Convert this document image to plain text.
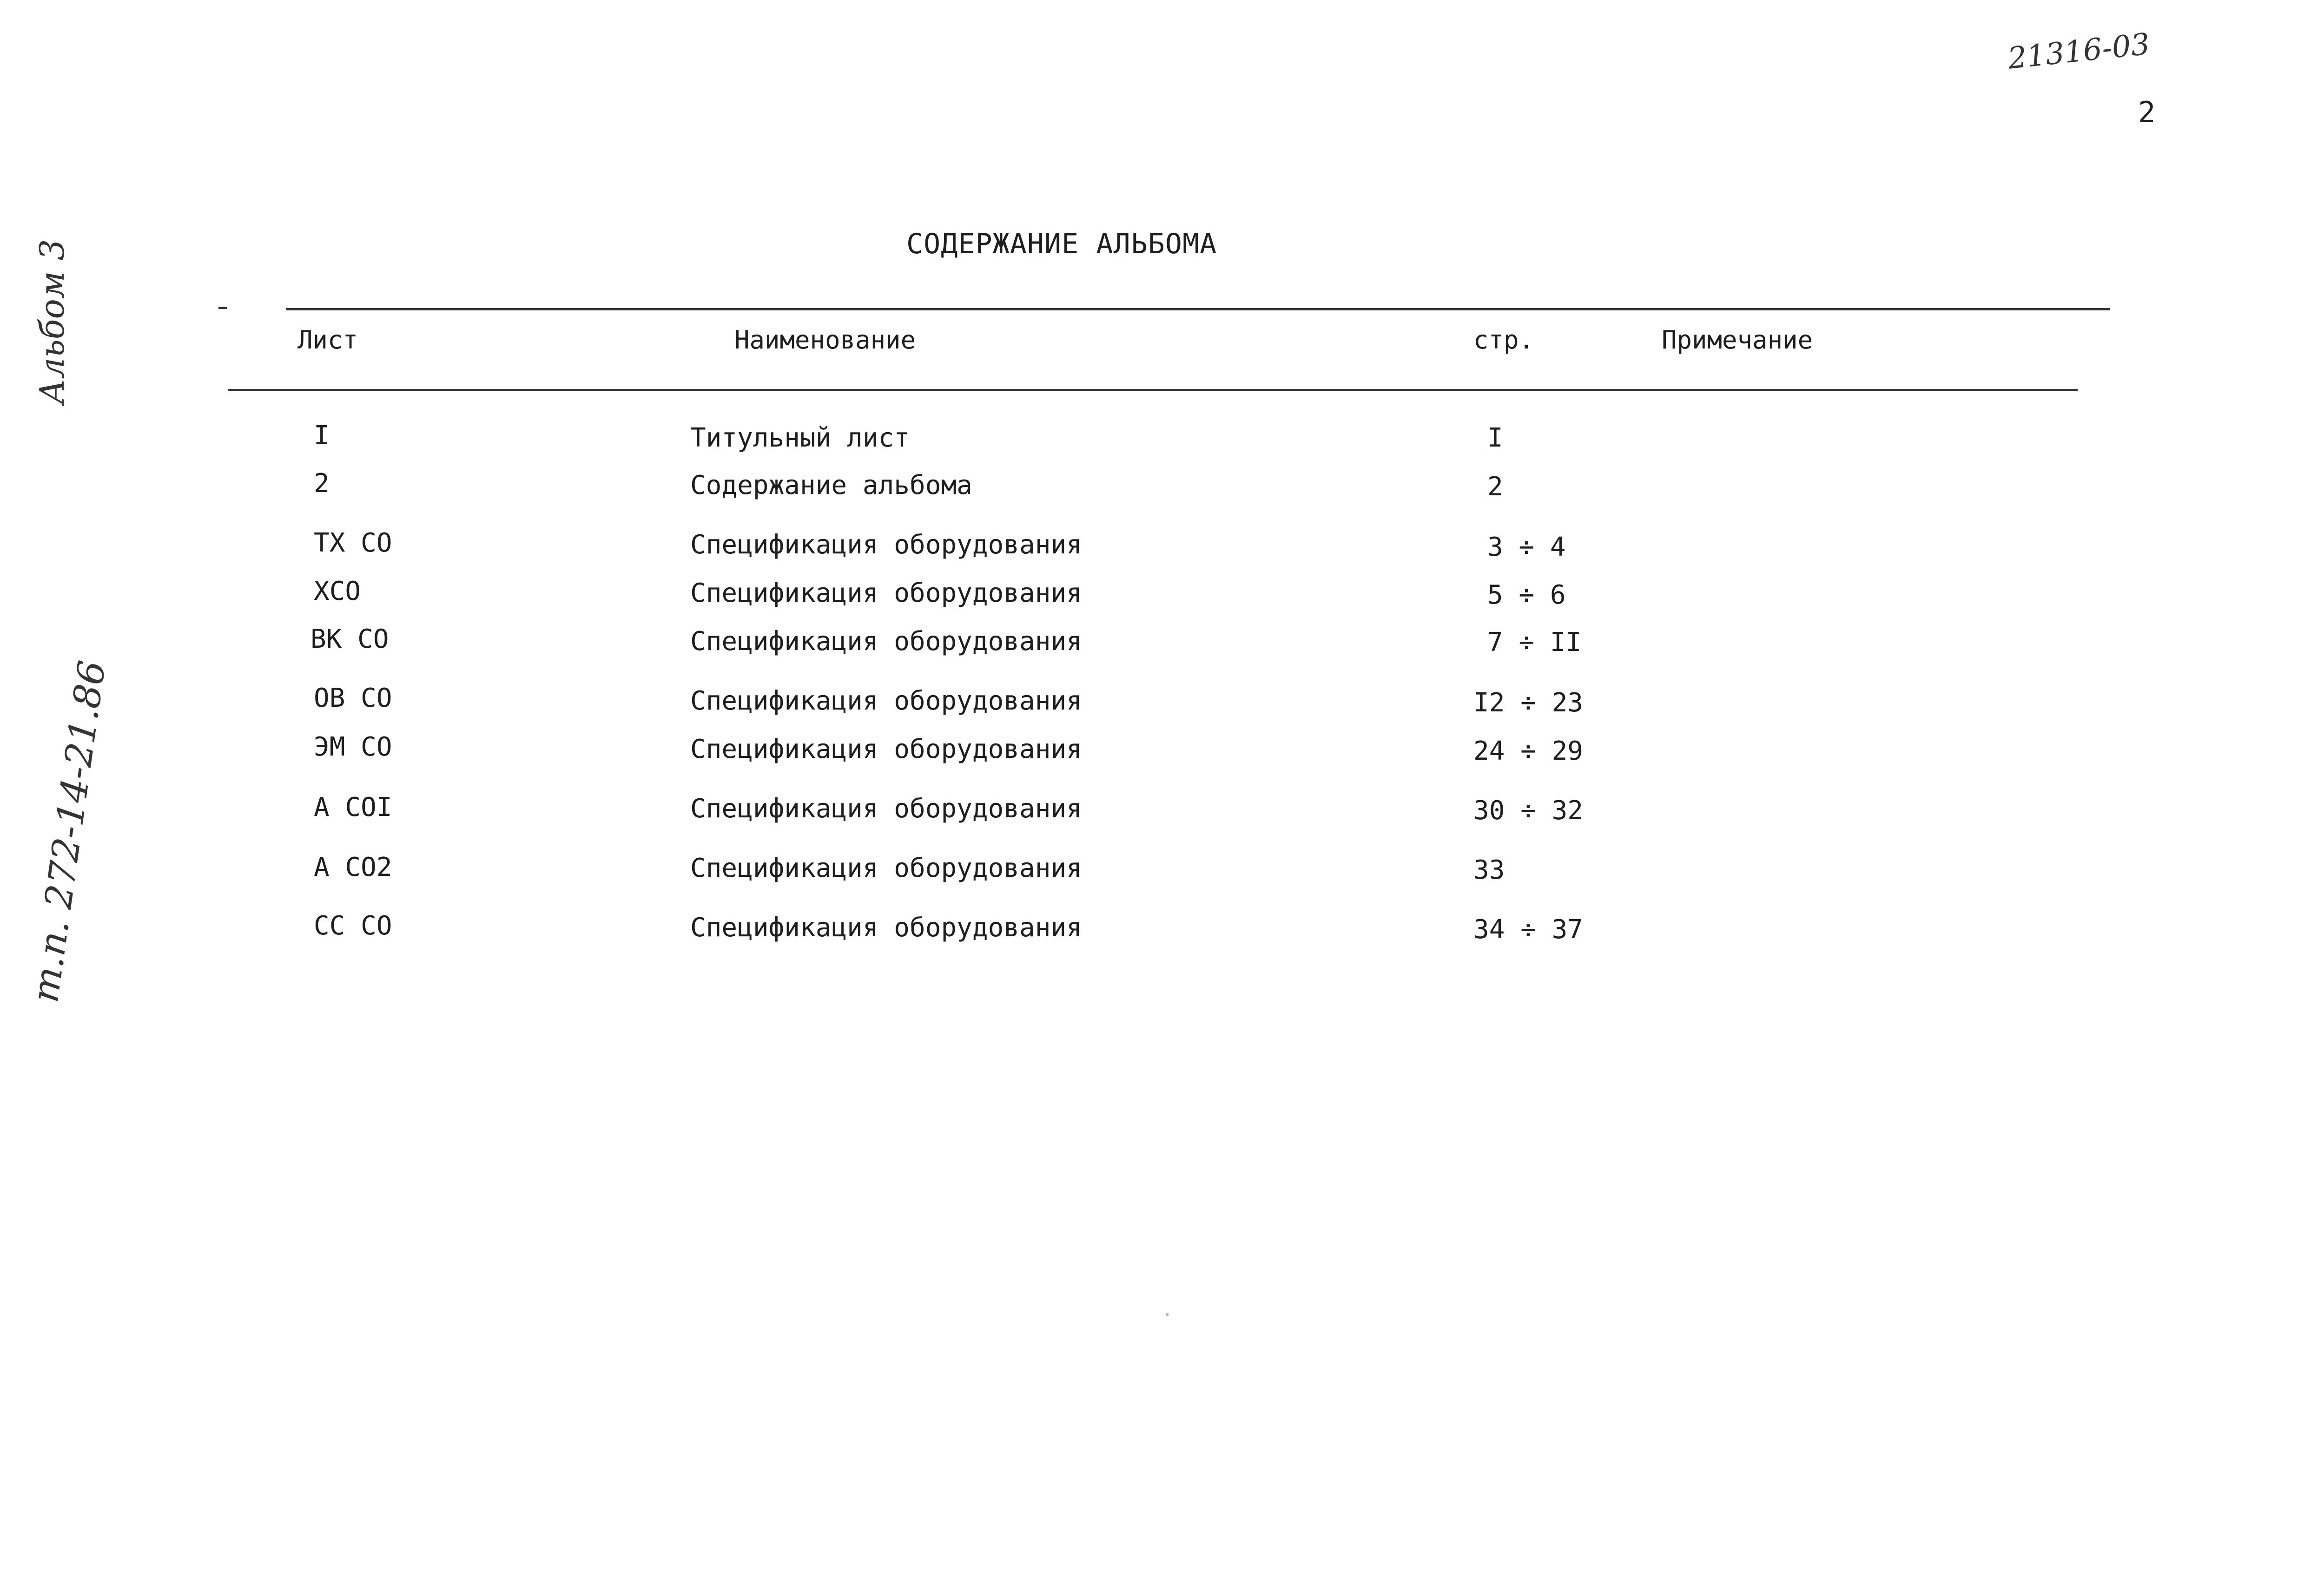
21316-03
2
Альбом 3
т.п. 272-14-21.86
СОДЕРЖАНИЕ АЛЬБОМА
Лист	Наименование	стр.	Примечание
I	Титульный лист	I
2	Содержание альбома	2
ТХ СО	Спецификация оборудования	3 ÷ 4
ХСО	Спецификация оборудования	5 ÷ 6
ВК СО	Спецификация оборудования	7 ÷ II
ОВ СО	Спецификация оборудования	I2 ÷ 23
ЭМ СО	Спецификация оборудования	24 ÷ 29
А COI	Спецификация оборудования	30 ÷ 32
А CO2	Спецификация оборудования	33
СС СО	Спецификация оборудования	34 ÷ 37
